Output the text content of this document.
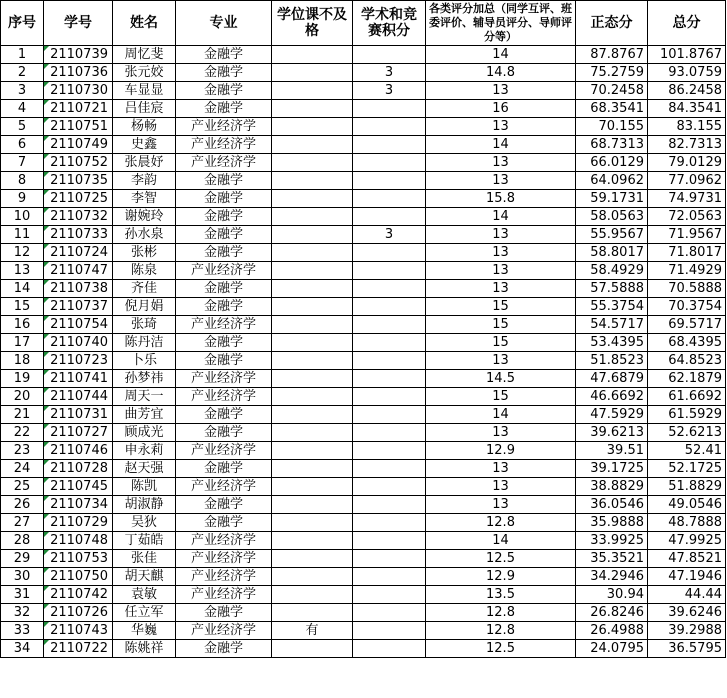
序号	学号	姓名	专业	学位课不及格	学术和竞赛积分	各类评分加总（同学互评、班委评价、辅导员评分、导师评分等）	正态分	总分
1	2110739	周忆斐	金融学			14	87.8767	101.8767
2	2110736	张元姣	金融学		3	14.8	75.2759	93.0759
3	2110730	车显显	金融学		3	13	70.2458	86.2458
4	2110721	吕佳宸	金融学			16	68.3541	84.3541
5	2110751	杨畅	产业经济学			13	70.155	83.155
6	2110749	史鑫	产业经济学			14	68.7313	82.7313
7	2110752	张晨妤	产业经济学			13	66.0129	79.0129
8	2110735	李韵	金融学			13	64.0962	77.0962
9	2110725	李智	金融学			15.8	59.1731	74.9731
10	2110732	谢婉玲	金融学			14	58.0563	72.0563
11	2110733	孙水泉	金融学		3	13	55.9567	71.9567
12	2110724	张彬	金融学			13	58.8017	71.8017
13	2110747	陈泉	产业经济学			13	58.4929	71.4929
14	2110738	齐佳	金融学			13	57.5888	70.5888
15	2110737	倪月娟	金融学			15	55.3754	70.3754
16	2110754	张琦	产业经济学			15	54.5717	69.5717
17	2110740	陈丹洁	金融学			15	53.4395	68.4395
18	2110723	卜乐	金融学			13	51.8523	64.8523
19	2110741	孙梦祎	产业经济学			14.5	47.6879	62.1879
20	2110744	周天一	产业经济学			15	46.6692	61.6692
21	2110731	曲芳宜	金融学			14	47.5929	61.5929
22	2110727	顾成光	金融学			13	39.6213	52.6213
23	2110746	申永莉	产业经济学			12.9	39.51	52.41
24	2110728	赵天强	金融学			13	39.1725	52.1725
25	2110745	陈凯	产业经济学			13	38.8829	51.8829
26	2110734	胡淑静	金融学			13	36.0546	49.0546
27	2110729	吴狄	金融学			12.8	35.9888	48.7888
28	2110748	丁茹皓	产业经济学			14	33.9925	47.9925
29	2110753	张佳	产业经济学			12.5	35.3521	47.8521
30	2110750	胡天麒	产业经济学			12.9	34.2946	47.1946
31	2110742	袁敏	产业经济学			13.5	30.94	44.44
32	2110726	任立军	金融学			12.8	26.8246	39.6246
33	2110743	华巍	产业经济学	有		12.8	26.4988	39.2988
34	2110722	陈姚祥	金融学			12.5	24.0795	36.5795
